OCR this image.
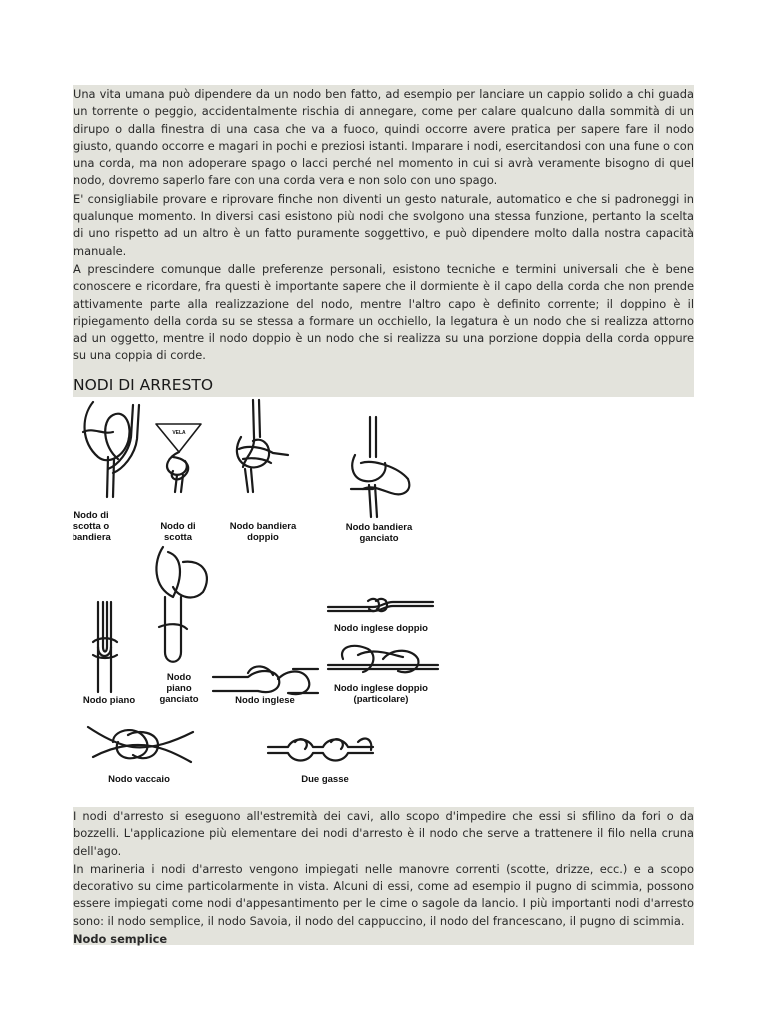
Una vita umana può dipendere da un nodo ben fatto, ad esempio per lanciare un cappio solido a chi guada un torrente o peggio, accidentalmente rischia di annegare, come per calare qualcuno dalla sommità di un dirupo o dalla finestra di una casa che va a fuoco, quindi occorre avere pratica per sapere fare il nodo giusto, quando occorre e magari in pochi e preziosi istanti. Imparare i nodi, esercitandosi con una fune o con una corda, ma non adoperare spago o lacci perché nel momento in cui si avrà veramente bisogno di quel nodo, dovremo saperlo fare con una corda vera e non solo con uno spago.

E' consigliabile provare e riprovare finche non diventi un gesto naturale, automatico e che si padroneggi in qualunque momento. In diversi casi esistono più nodi che svolgono una stessa funzione, pertanto la scelta di uno rispetto ad un altro è un fatto puramente soggettivo, e può dipendere molto dalla nostra capacità manuale.

A prescindere comunque dalle preferenze personali, esistono tecniche e termini universali che è bene conoscere e ricordare, fra questi è importante sapere che il dormiente è il capo della corda che non prende attivamente parte alla realizzazione del nodo, mentre l'altro capo è definito corrente; il doppino è il ripiegamento della corda su se stessa a formare un occhiello, la legatura è un nodo che si realizza attorno ad un oggetto, mentre il nodo doppio è un nodo che si realizza su una porzione doppia della corda oppure su una coppia di corde.

NODI DI ARRESTO
Nodo di
scotta o
bandiera
VELA
Nodo di
scotta
Nodo bandiera
doppio
Nodo bandiera
ganciato
Nodo inglese doppio
Nodo piano
Nodo
piano
ganciato	Nodo inglese
Nodo inglese doppio
(particolare)
Nodo vaccaio	Due gasse

I nodi d'arresto si eseguono all'estremità dei cavi, allo scopo d'impedire che essi si sfilino da fori o da bozzelli. L'applicazione più elementare dei nodi d'arresto è il nodo che serve a trattenere il filo nella cruna dell'ago.

In marineria i nodi d'arresto vengono impiegati nelle manovre correnti (scotte, drizze, ecc.) e a scopo decorativo su cime particolarmente in vista. Alcuni di essi, come ad esempio il pugno di scimmia, possono essere impiegati come nodi d'appesantimento per le cime o sagole da lancio. I più importanti nodi d'arresto sono: il nodo semplice, il nodo Savoia, il nodo del cappuccino, il nodo del francescano, il pugno di scimmia.

Nodo semplice
